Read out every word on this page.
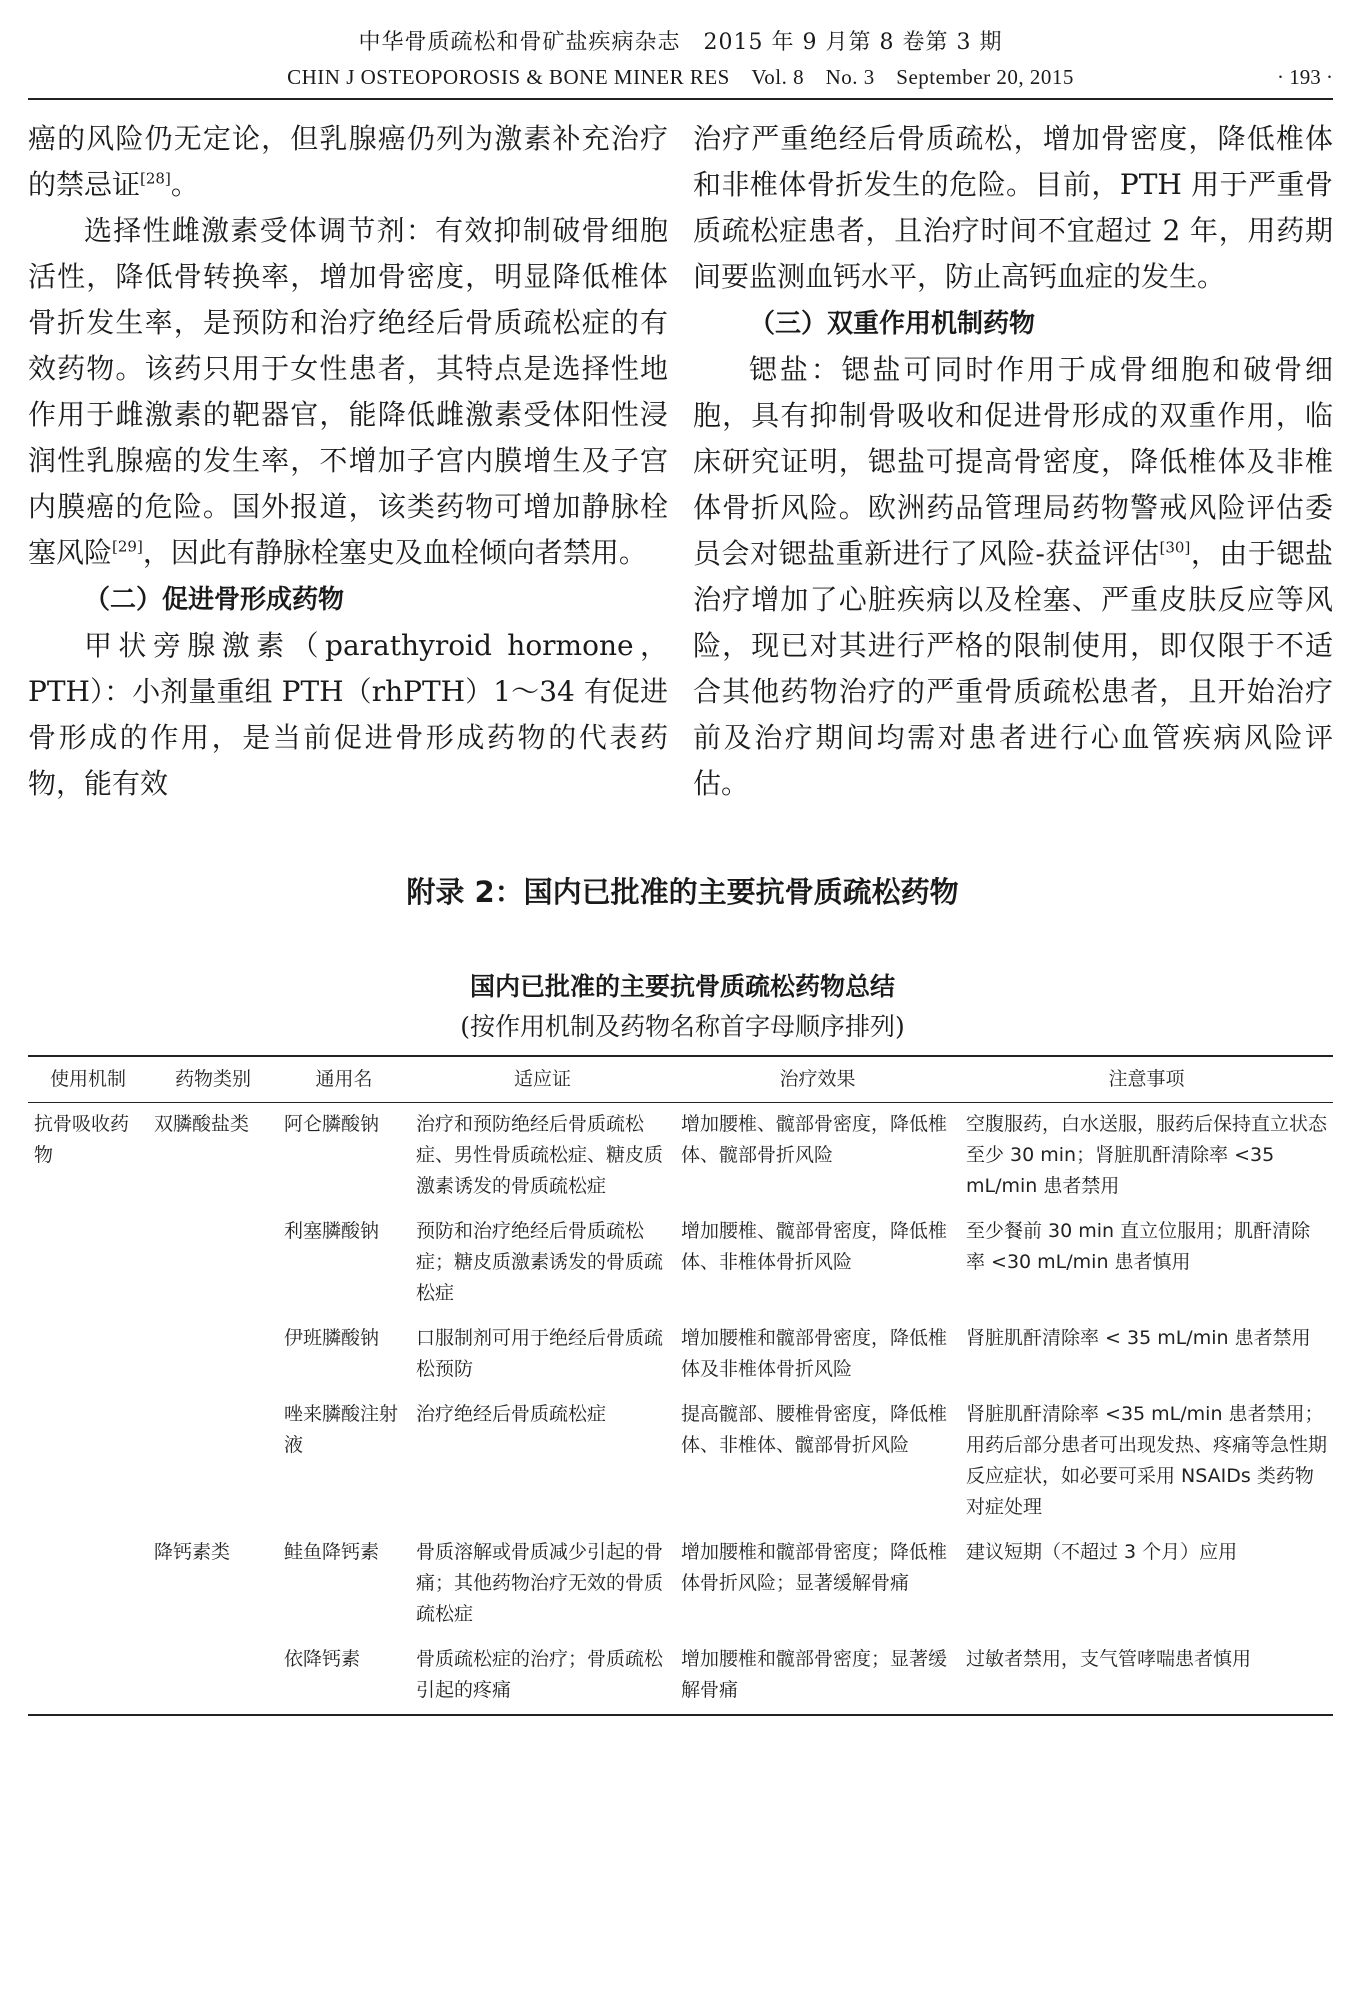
中华骨质疏松和骨矿盐疾病杂志　2015 年 9 月第 8 卷第 3 期
CHIN J OSTEOPOROSIS & BONE MINER RES　Vol. 8　No. 3　September 20, 2015	· 193 ·

癌的风险仍无定论，但乳腺癌仍列为激素补充治疗的禁忌证[28]。

选择性雌激素受体调节剂：有效抑制破骨细胞活性，降低骨转换率，增加骨密度，明显降低椎体骨折发生率，是预防和治疗绝经后骨质疏松症的有效药物。该药只用于女性患者，其特点是选择性地作用于雌激素的靶器官，能降低雌激素受体阳性浸润性乳腺癌的发生率，不增加子宫内膜增生及子宫内膜癌的危险。国外报道，该类药物可增加静脉栓塞风险[29]，因此有静脉栓塞史及血栓倾向者禁用。

（二）促进骨形成药物

甲状旁腺激素（parathyroid hormone，PTH）：小剂量重组 PTH（rhPTH）1～34 有促进骨形成的作用，是当前促进骨形成药物的代表药物，能有效

治疗严重绝经后骨质疏松，增加骨密度，降低椎体和非椎体骨折发生的危险。目前，PTH 用于严重骨质疏松症患者，且治疗时间不宜超过 2 年，用药期间要监测血钙水平，防止高钙血症的发生。

（三）双重作用机制药物

锶盐：锶盐可同时作用于成骨细胞和破骨细胞，具有抑制骨吸收和促进骨形成的双重作用，临床研究证明，锶盐可提高骨密度，降低椎体及非椎体骨折风险。欧洲药品管理局药物警戒风险评估委员会对锶盐重新进行了风险-获益评估[30]，由于锶盐治疗增加了心脏疾病以及栓塞、严重皮肤反应等风险，现已对其进行严格的限制使用，即仅限于不适合其他药物治疗的严重骨质疏松患者，且开始治疗前及治疗期间均需对患者进行心血管疾病风险评估。

附录 2：国内已批准的主要抗骨质疏松药物
国内已批准的主要抗骨质疏松药物总结
(按作用机制及药物名称首字母顺序排列)
使用机制	药物类别	通用名	适应证	治疗效果	注意事项
抗骨吸收药物	双膦酸盐类	阿仑膦酸钠	治疗和预防绝经后骨质疏松症、男性骨质疏松症、糖皮质激素诱发的骨质疏松症	增加腰椎、髋部骨密度，降低椎体、髋部骨折风险	空腹服药，白水送服，服药后保持直立状态至少 30 min；肾脏肌酐清除率 <35 mL/min 患者禁用
		利塞膦酸钠	预防和治疗绝经后骨质疏松症；糖皮质激素诱发的骨质疏松症	增加腰椎、髋部骨密度，降低椎体、非椎体骨折风险	至少餐前 30 min 直立位服用；肌酐清除率 <30 mL/min 患者慎用
		伊班膦酸钠	口服制剂可用于绝经后骨质疏松预防	增加腰椎和髋部骨密度，降低椎体及非椎体骨折风险	肾脏肌酐清除率 < 35 mL/min 患者禁用
		唑来膦酸注射液	治疗绝经后骨质疏松症	提高髋部、腰椎骨密度，降低椎体、非椎体、髋部骨折风险	肾脏肌酐清除率 <35 mL/min 患者禁用；用药后部分患者可出现发热、疼痛等急性期反应症状，如必要可采用 NSAIDs 类药物对症处理
	降钙素类	鲑鱼降钙素	骨质溶解或骨质减少引起的骨痛；其他药物治疗无效的骨质疏松症	增加腰椎和髋部骨密度；降低椎体骨折风险；显著缓解骨痛	建议短期（不超过 3 个月）应用
		依降钙素	骨质疏松症的治疗；骨质疏松引起的疼痛	增加腰椎和髋部骨密度；显著缓解骨痛	过敏者禁用，支气管哮喘患者慎用
